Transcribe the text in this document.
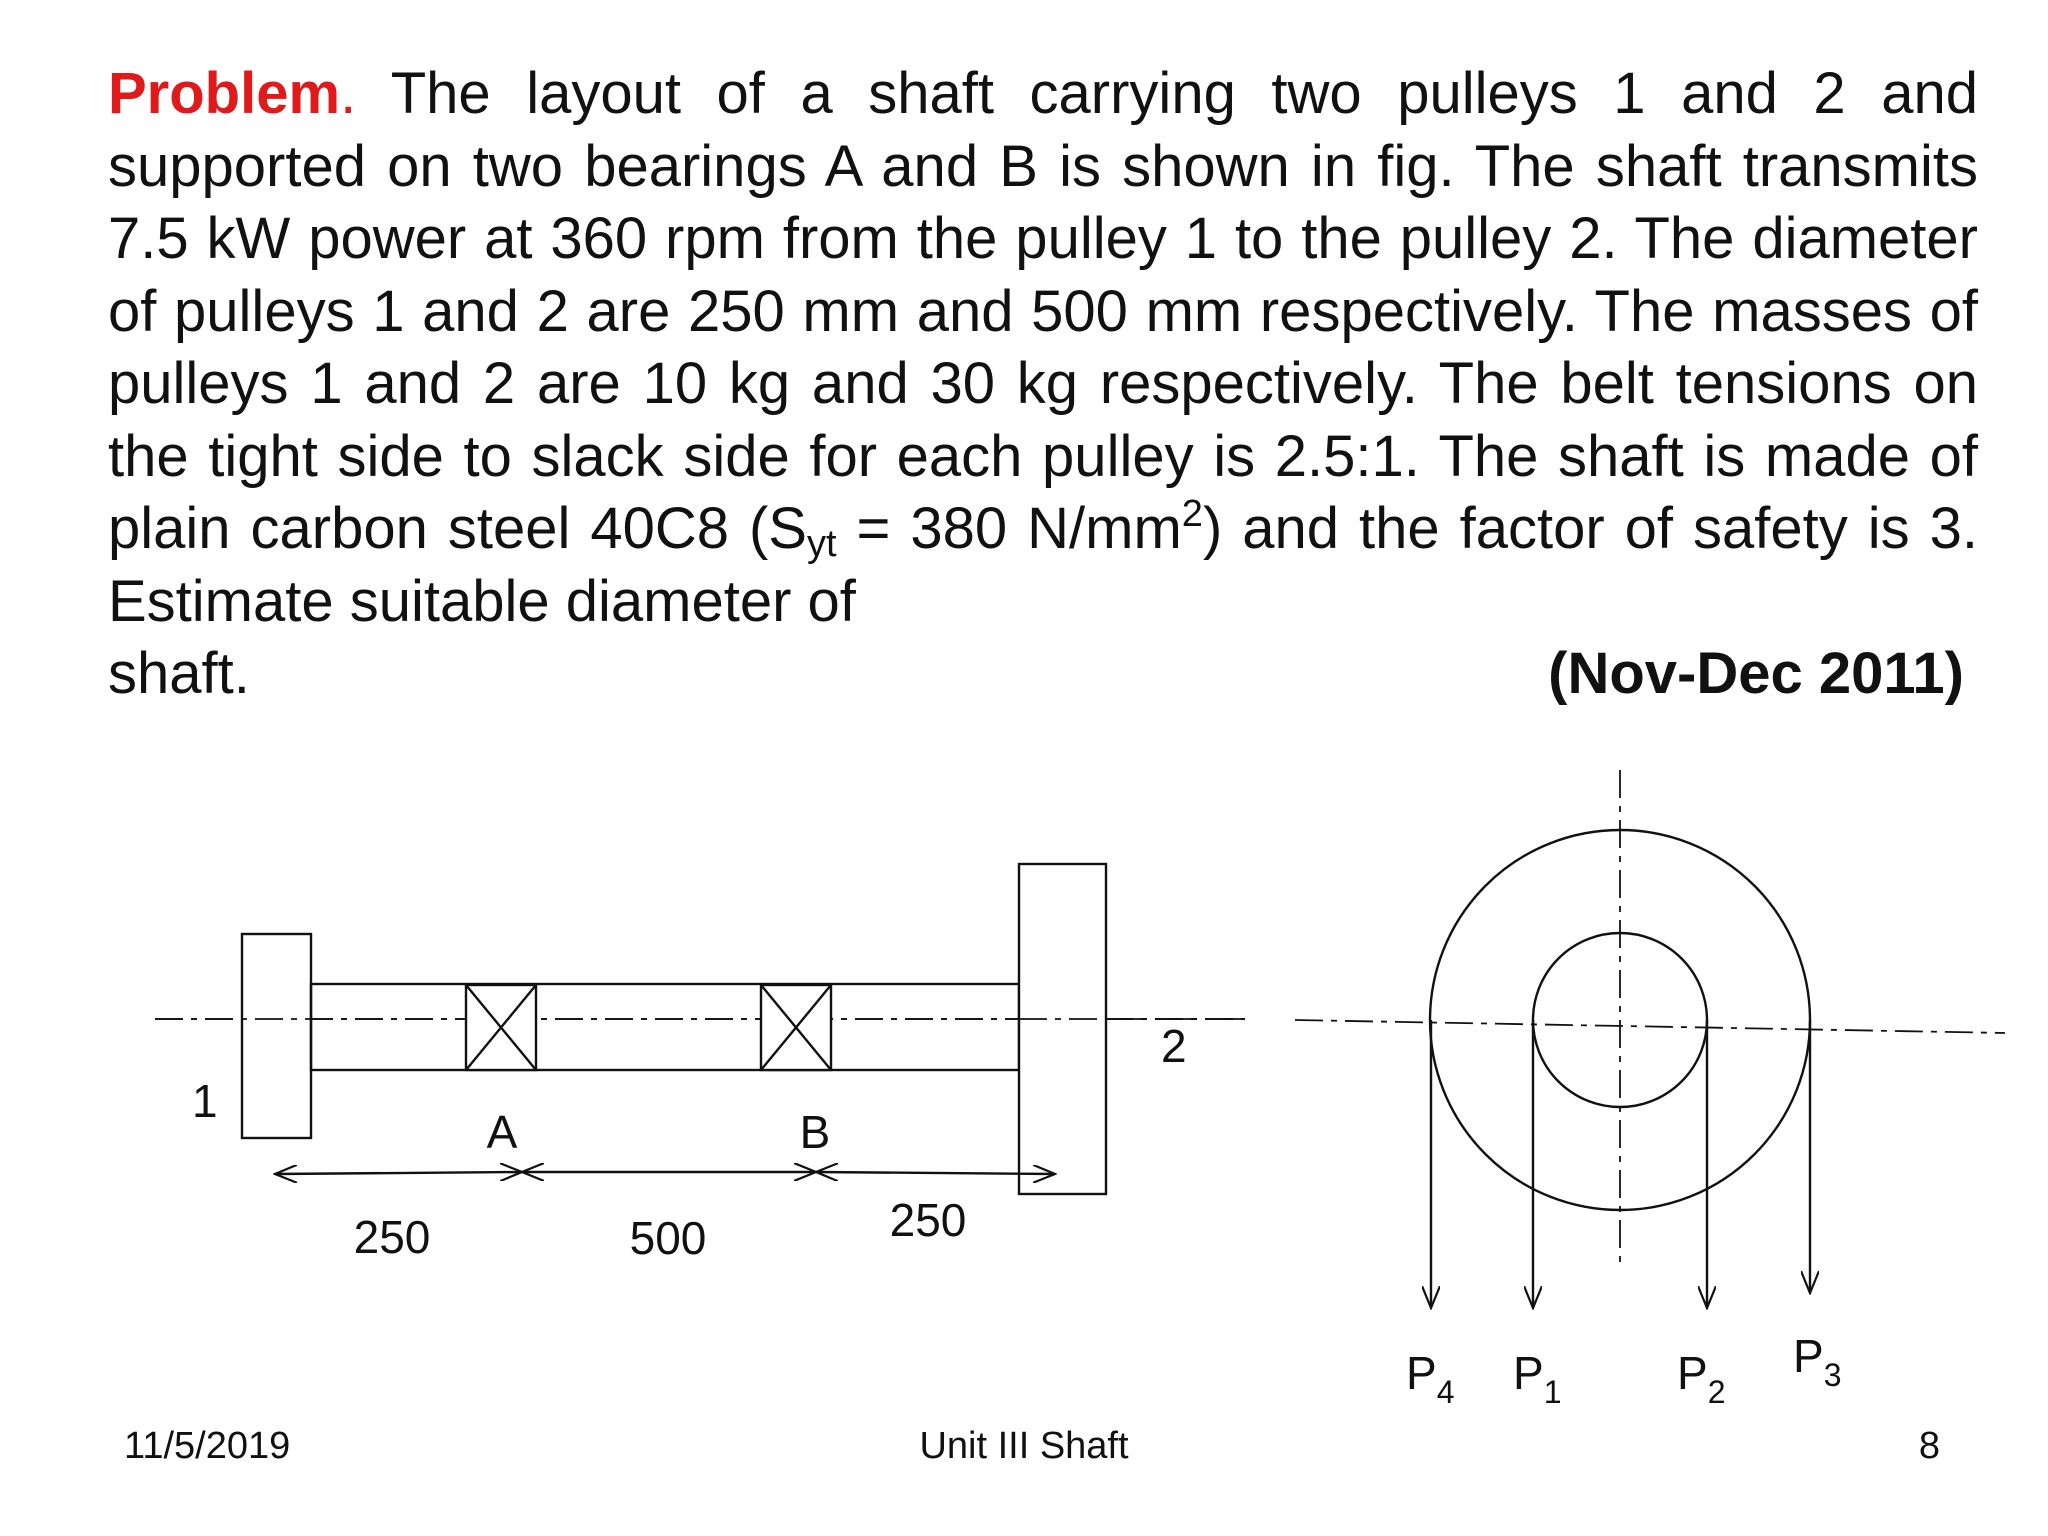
Problem. The layout of a shaft carrying two pulleys 1 and 2 and supported on two bearings A and B is shown in fig. The shaft transmits 7.5 kW power at 360 rpm from the pulley 1 to the pulley 2. The diameter of pulleys 1 and 2 are 250 mm and 500 mm respectively. The masses of pulleys 1 and 2 are 10 kg and 30 kg respectively. The belt tensions on the tight side to slack side for each pulley is 2.5:1. The shaft is made of plain carbon steel 40C8 ($S_{yt} = 380$ $N/mm^2$) and the factor of safety is 3. Estimate suitable diameter of
shaft.	(Nov-Dec 2011)
1
2
A	B
250	500	250
$P_4$ $P_1$	$P_2$
$P_3$
11/5/2019	Unit III Shaft	8
